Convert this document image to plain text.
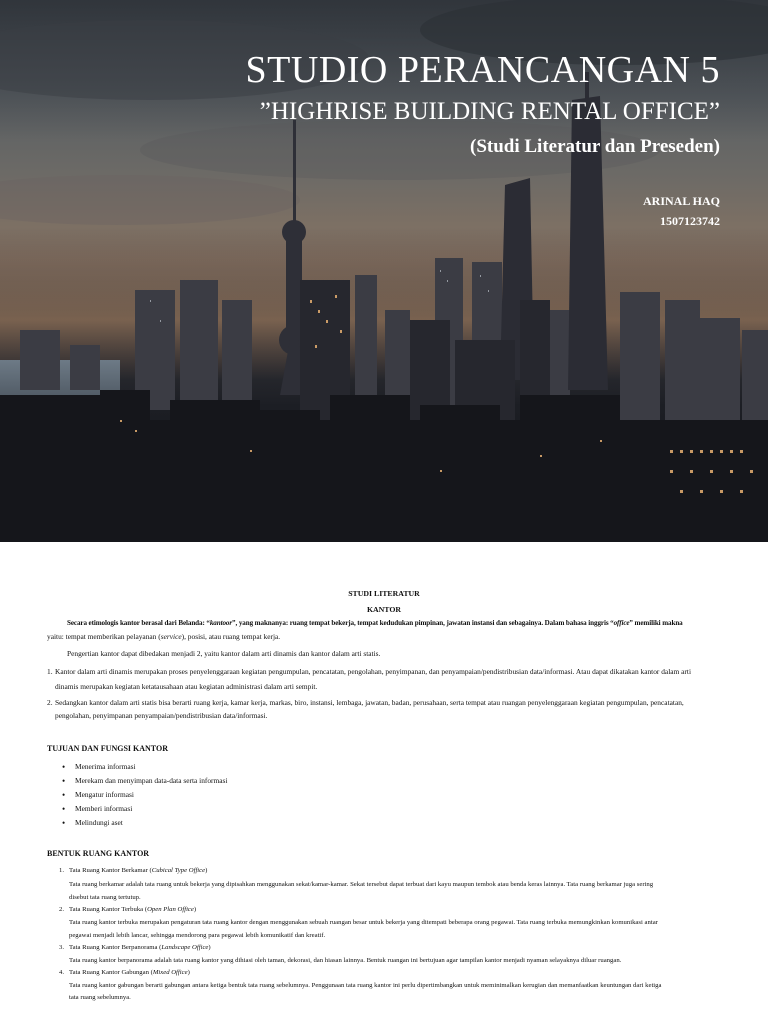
STUDIO PERANCANGAN 5
”HIGHRISE BUILDING RENTAL OFFICE”
(Studi Literatur dan Preseden)
ARINAL HAQ
1507123742
STUDI LITERATUR
KANTOR
Secara etimologis kantor berasal dari Belanda: “kantoor”, yang maknanya: ruang tempat bekerja, tempat kedudukan pimpinan, jawatan instansi dan sebagainya. Dalam bahasa inggris “office” memiliki makna
yaitu: tempat memberikan pelayanan (service), posisi, atau ruang tempat kerja.
Pengertian kantor dapat dibedakan menjadi 2, yaitu kantor dalam arti dinamis dan kantor dalam arti statis.
1. Kantor dalam arti dinamis merupakan proses penyelenggaraan kegiatan pengumpulan, pencatatan, pengolahan, penyimpanan, dan penyampaian/pendistribusian data/informasi. Atau dapat dikatakan kantor dalam arti
dinamis merupakan kegiatan ketatausahaan atau kegiatan administrasi dalam arti sempit.
2. Sedangkan kantor dalam arti statis bisa berarti ruang kerja, kamar kerja, markas, biro, instansi, lembaga, jawatan, badan, perusahaan, serta tempat atau ruangan penyelenggaraan kegiatan pengumpulan, pencatatan,
pengolahan, penyimpanan penyampaian/pendistribusian data/informasi.
TUJUAN DAN FUNGSI KANTOR
• Menerima informasi
• Merekam dan menyimpan data-data serta informasi
• Mengatur informasi
• Memberi informasi
• Melindungi aset
BENTUK RUANG KANTOR
1. Tata Ruang Kantor Berkamar (Cubical Type Office)
Tata ruang berkamar adalah tata ruang untuk bekerja yang dipisahkan menggunakan sekat/kamar-kamar. Sekat tersebut dapat terbuat dari kayu maupun tembok atau benda keras lainnya. Tata ruang berkamar juga sering
disebut tata ruang tertutup.
2. Tata Ruang Kantor Terbuka (Open Plan Office)
Tata ruang kantor terbuka merupakan pengaturan tata ruang kantor dengan menggunakan sebuah ruangan besar untuk bekerja yang ditempati beberapa orang pegawai. Tata ruang terbuka memungkinkan komunikasi antar
pegawai menjadi lebih lancar, sehingga mendorong para pegawai lebih komunikatif dan kreatif.
3. Tata Ruang Kantor Berpanorama (Landscape Office)
Tata ruang kantor berpanorama adalah tata ruang kantor yang dihiasi oleh taman, dekorasi, dan hiasan lainnya. Bentuk ruangan ini bertujuan agar tampilan kantor menjadi nyaman selayaknya diluar ruangan.
4. Tata Ruang Kantor Gabungan (Mixed Office)
Tata ruang kantor gabungan berarti gabungan antara ketiga bentuk tata ruang sebelumnya. Penggunaan tata ruang kantor ini perlu dipertimbangkan untuk meminimalkan kerugian dan memanfaatkan keuntungan dari ketiga
tata ruang sebelumnya.
